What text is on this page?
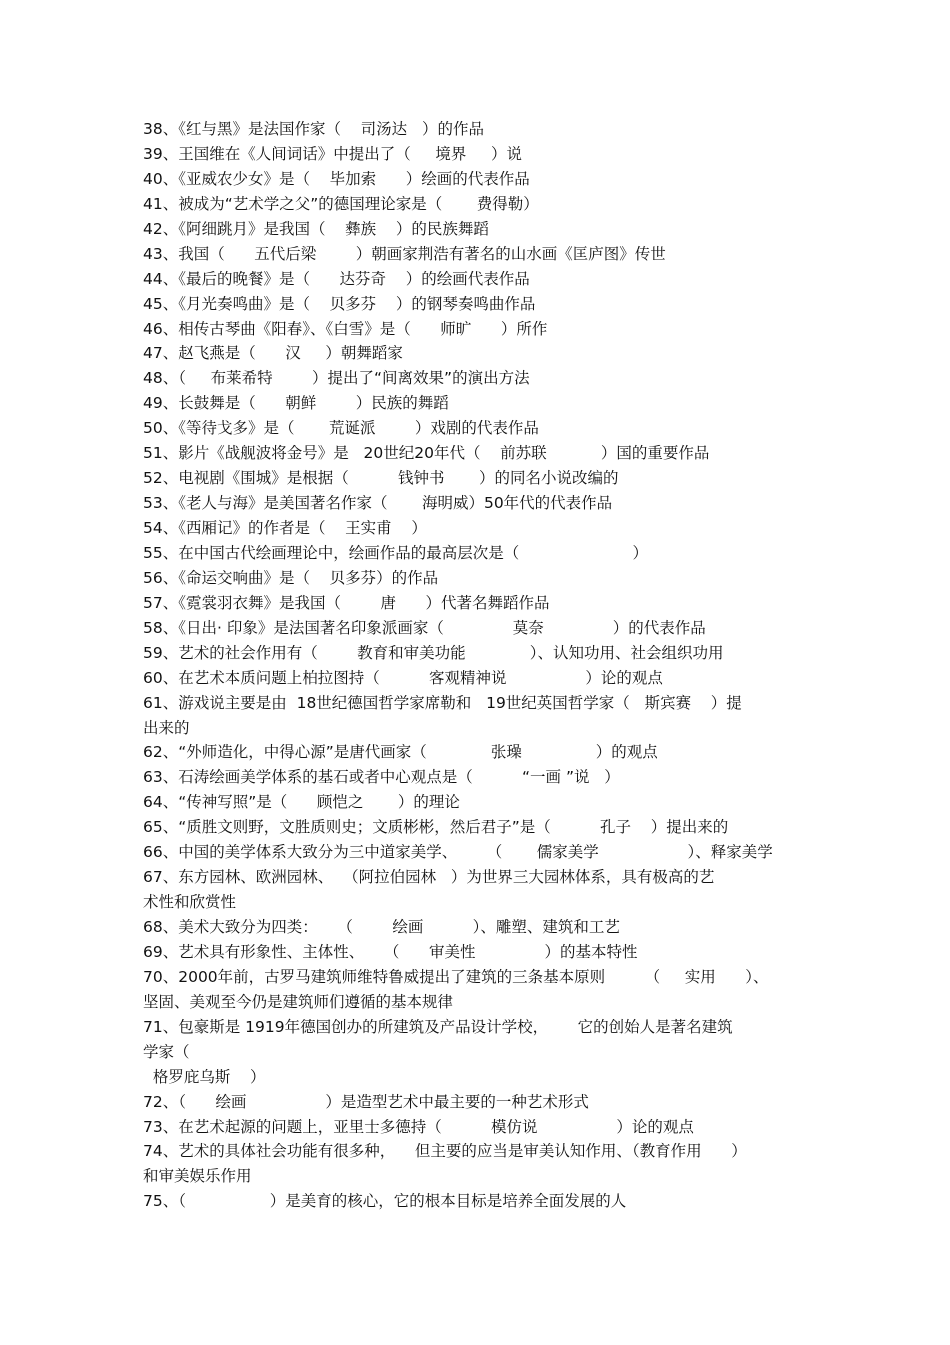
38、《红与黑》是法国作家（    司汤达   ）的作品
39、王国维在《人间词话》中提出了（     境界     ）说
40、《亚威农少女》是（    毕加索      ）绘画的代表作品
41、被成为“艺术学之父”的德国理论家是（       费得勒）
42、《阿细跳月》是我国（    彝族    ）的民族舞蹈
43、我国（      五代后梁        ）朝画家荆浩有著名的山水画《匡庐图》传世
44、《最后的晚餐》是（      达芬奇    ）的绘画代表作品
45、《月光奏鸣曲》是（    贝多芬    ）的钢琴奏鸣曲作品
46、相传古琴曲《阳春》、《白雪》是（      师旷      ）所作
47、赵飞燕是（      汉     ）朝舞蹈家
48、（     布莱希特        ）提出了“间离效果”的演出方法
49、长鼓舞是（      朝鲜        ）民族的舞蹈
50、《等待戈多》是（       荒诞派        ）戏剧的代表作品
51、影片《战舰波将金号》是   20世纪20年代（    前苏联           ）国的重要作品
52、电视剧《围城》是根据（          钱钟书       ）的同名小说改编的
53、《老人与海》是美国著名作家（       海明威）50年代的代表作品
54、《西厢记》的作者是（    王实甫    ）
55、在中国古代绘画理论中，绘画作品的最高层次是（                       ）
56、《命运交响曲》是（    贝多芬）的作品
57、《霓裳羽衣舞》是我国（        唐      ）代著名舞蹈作品
58、《日出· 印象》是法国著名印象派画家（              莫奈              ）的代表作品
59、艺术的社会作用有（        教育和审美功能             ）、认知功用、社会组织功用
60、在艺术本质问题上柏拉图持（          客观精神说                ）论的观点
61、游戏说主要是由  18世纪德国哲学家席勒和   19世纪英国哲学家（   斯宾赛    ）提
出来的
62、“外师造化，中得心源”是唐代画家（             张璪               ）的观点
63、石涛绘画美学体系的基石或者中心观点是（          “一画 ”说   ）
64、“传神写照”是（      顾恺之       ）的理论
65、“质胜文则野，文胜质则史；文质彬彬，然后君子”是（          孔子    ）提出来的
66、中国的美学体系大致分为三中道家美学、      （       儒家美学                  ）、释家美学
67、东方园林、欧洲园林、  （阿拉伯园林   ）为世界三大园林体系，具有极高的艺
术性和欣赏性
68、美术大致分为四类：    （        绘画          ）、雕塑、建筑和工艺
69、艺术具有形象性、主体性、    （      审美性              ）的基本特性
70、2000年前，古罗马建筑师维特鲁威提出了建筑的三条基本原则        （     实用      ）、
坚固、美观至今仍是建筑师们遵循的基本规律
71、包豪斯是 1919年德国创办的所建筑及产品设计学校，      它的创始人是著名建筑
学家（
格罗庇乌斯    ）
72、（      绘画                ）是造型艺术中最主要的一种艺术形式
73、在艺术起源的问题上，亚里士多德持（          模仿说                ）论的观点
74、艺术的具体社会功能有很多种，    但主要的应当是审美认知作用、（教育作用      ）
和审美娱乐作用
75、（                 ）是美育的核心，它的根本目标是培养全面发展的人
